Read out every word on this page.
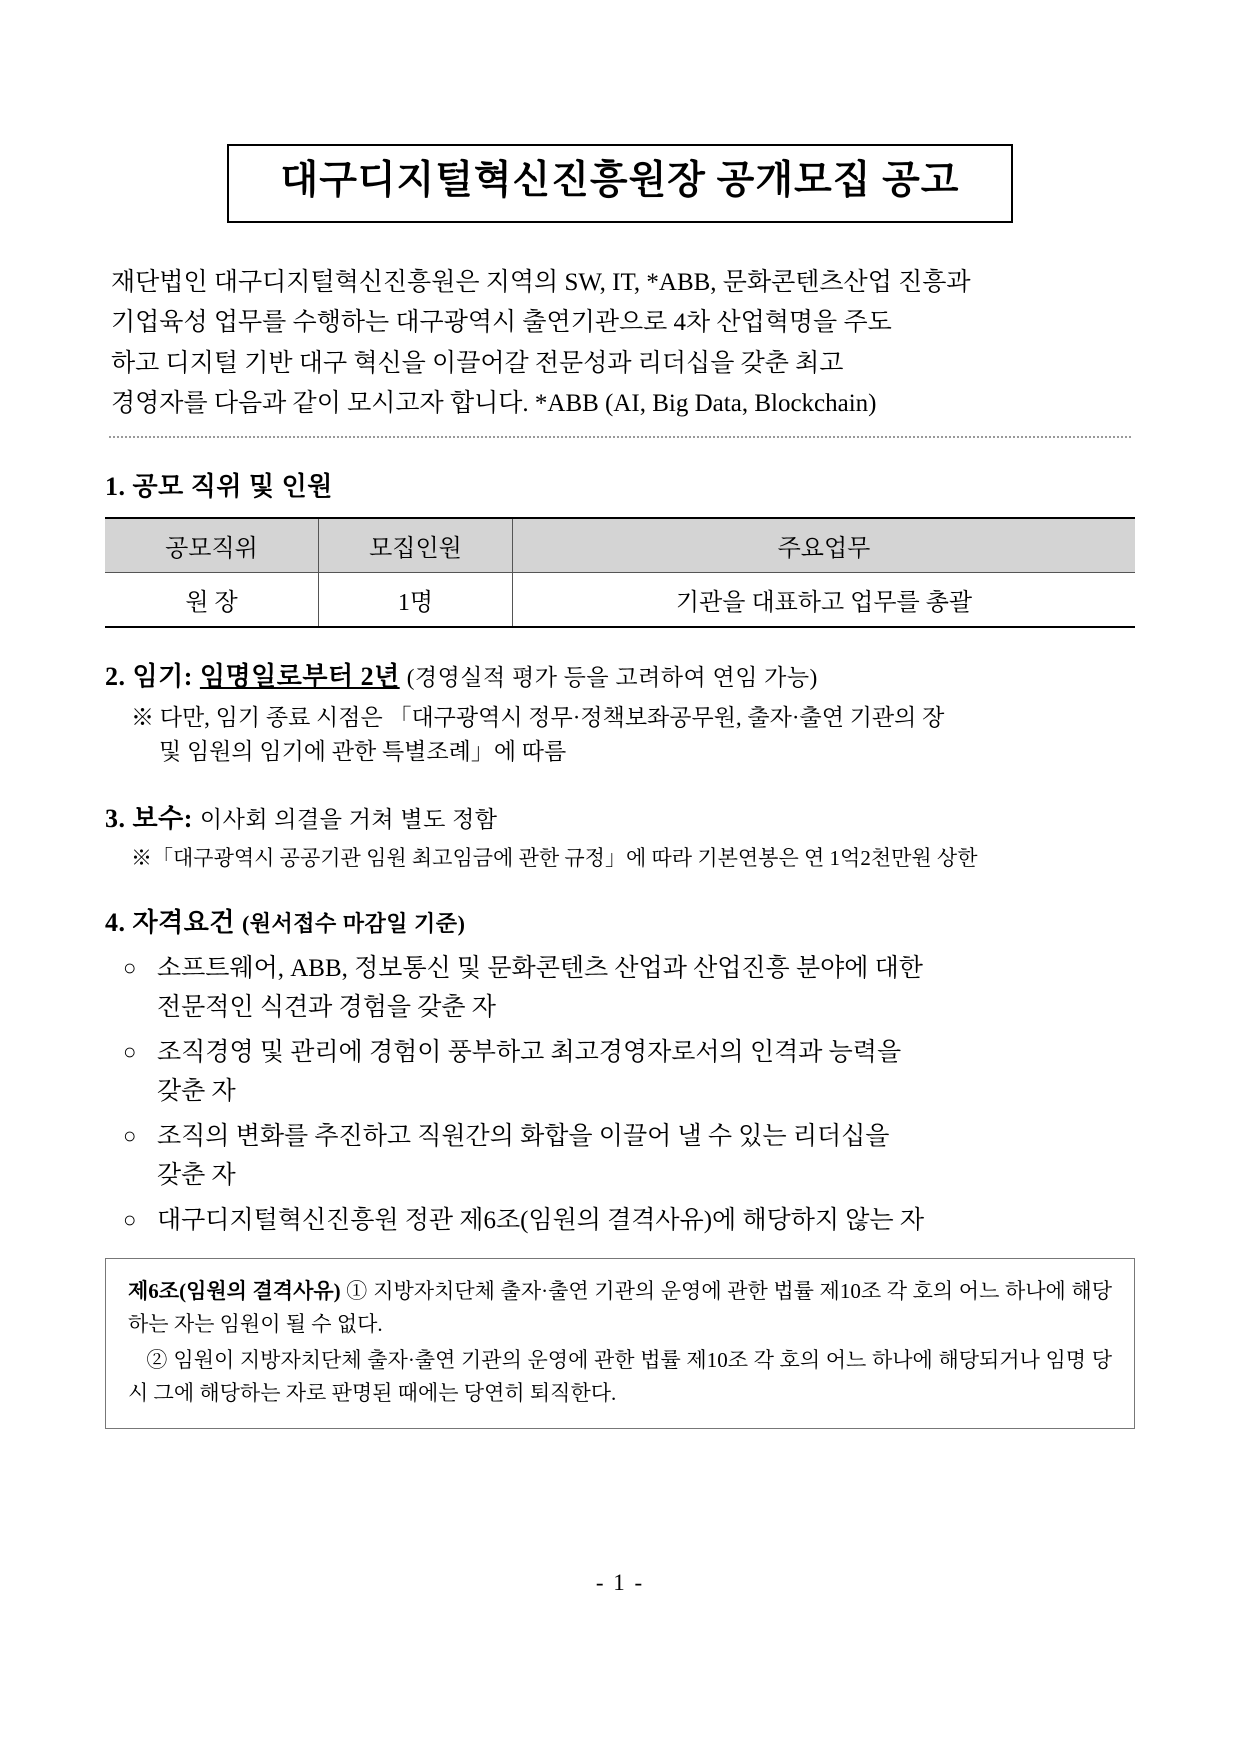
대구디지털혁신진흥원장 공개모집 공고
재단법인 대구디지털혁신진흥원은 지역의 SW, IT, *ABB, 문화콘텐츠산업 진흥과
기업육성 업무를 수행하는 대구광역시 출연기관으로 4차 산업혁명을 주도
하고 디지털 기반 대구 혁신을 이끌어갈 전문성과 리더십을 갖춘 최고
경영자를 다음과 같이 모시고자 합니다. *ABB (AI, Big Data, Blockchain)
1. 공모 직위 및 인원
공모직위	모집인원	주요업무
원 장	1명	기관을 대표하고 업무를 총괄
2. 임기: 임명일로부터 2년 (경영실적 평가 등을 고려하여 연임 가능)
※ 다만, 임기 종료 시점은 「대구광역시 정무·정책보좌공무원, 출자·출연 기관의 장
및 임원의 임기에 관한 특별조례」에 따름
3. 보수: 이사회 의결을 거쳐 별도 정함
※「대구광역시 공공기관 임원 최고임금에 관한 규정」에 따라 기본연봉은 연 1억2천만원 상한
4. 자격요건 (원서접수 마감일 기준)
○ 소프트웨어, ABB, 정보통신 및 문화콘텐츠 산업과 산업진흥 분야에 대한
전문적인 식견과 경험을 갖춘 자
○ 조직경영 및 관리에 경험이 풍부하고 최고경영자로서의 인격과 능력을
갖춘 자
○ 조직의 변화를 추진하고 직원간의 화합을 이끌어 낼 수 있는 리더십을
갖춘 자
○ 대구디지털혁신진흥원 정관 제6조(임원의 결격사유)에 해당하지 않는 자

제6조(임원의 결격사유) ① 지방자치단체 출자·출연 기관의 운영에 관한 법률 제10조 각 호의 어느 하나에 해당하는 자는 임원이 될 수 없다.

② 임원이 지방자치단체 출자·출연 기관의 운영에 관한 법률 제10조 각 호의 어느 하나에 해당되거나 임명 당시 그에 해당하는 자로 판명된 때에는 당연히 퇴직한다.

- 1 -
